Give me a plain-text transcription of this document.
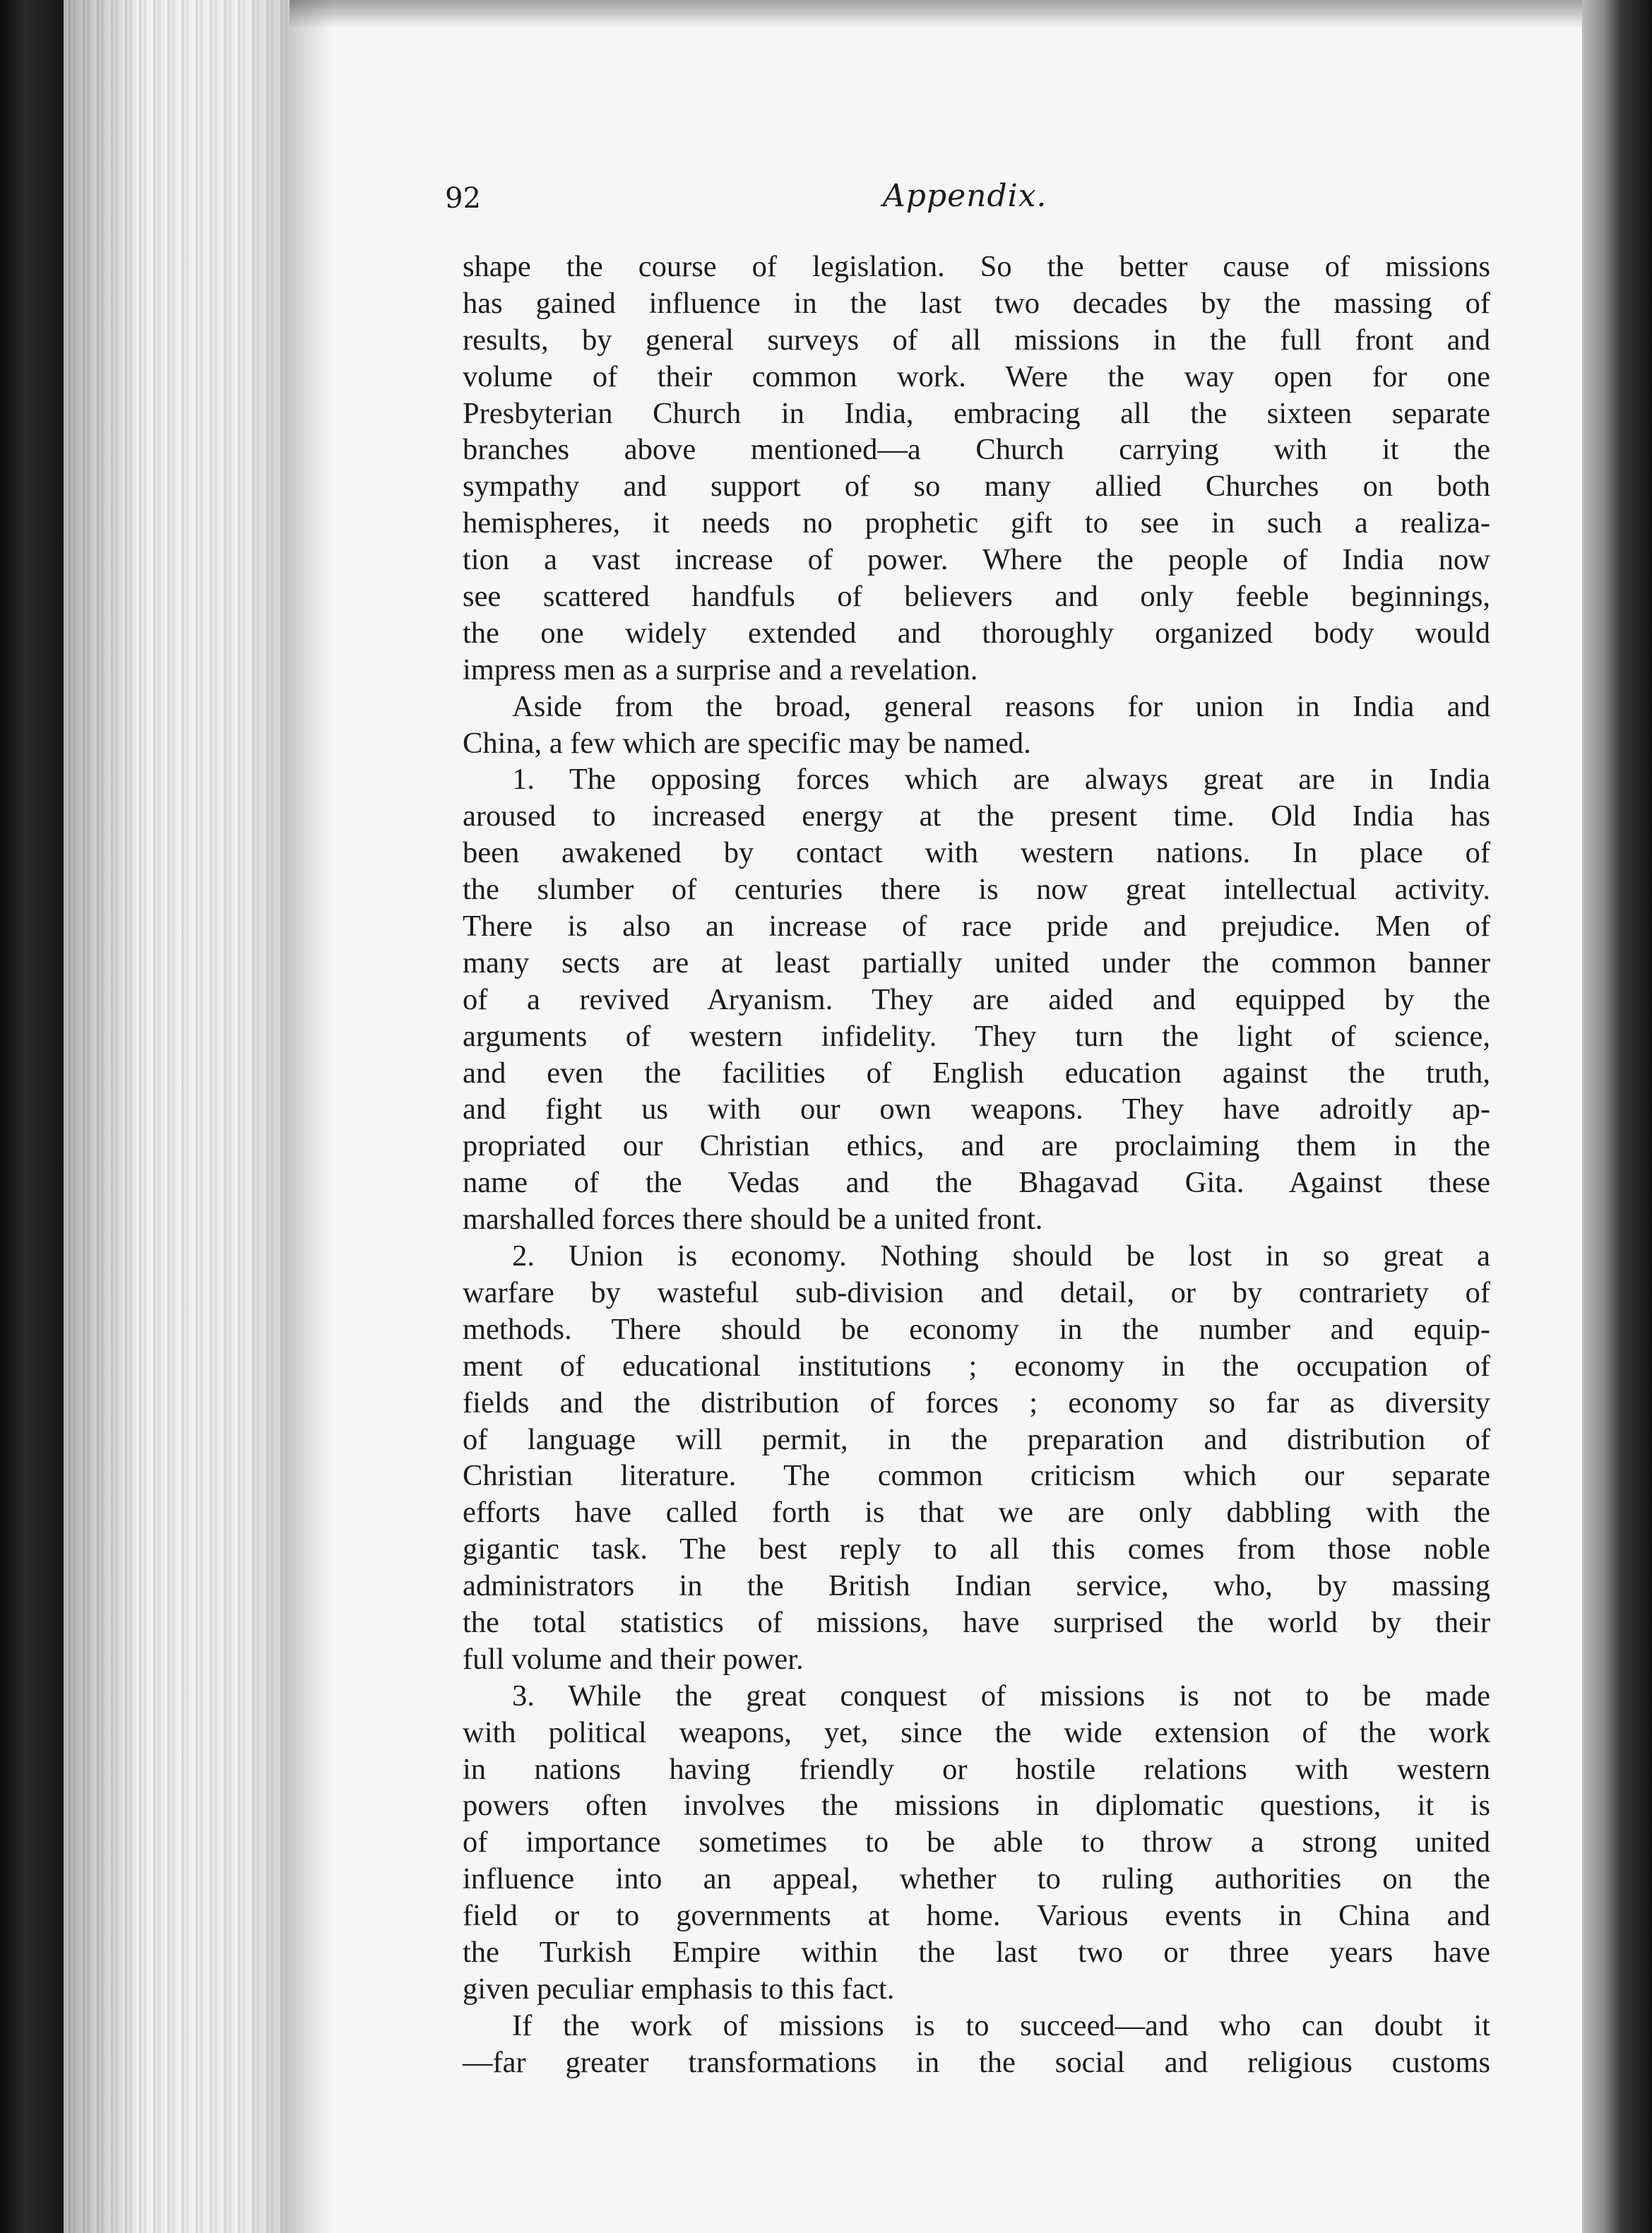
92	Appendix.
shape the course of legislation. So the better cause of missions
has gained influence in the last two decades by the massing of
results, by general surveys of all missions in the full front and
volume of their common work. Were the way open for one
Presbyterian Church in India, embracing all the sixteen separate
branches above mentioned—a Church carrying with it the
sympathy and support of so many allied Churches on both
hemispheres, it needs no prophetic gift to see in such a realiza-
tion a vast increase of power. Where the people of India now
see scattered handfuls of believers and only feeble beginnings,
the one widely extended and thoroughly organized body would
impress men as a surprise and a revelation.
Aside from the broad, general reasons for union in India and
China, a few which are specific may be named.
1. The opposing forces which are always great are in India
aroused to increased energy at the present time. Old India has
been awakened by contact with western nations. In place of
the slumber of centuries there is now great intellectual activity.
There is also an increase of race pride and prejudice. Men of
many sects are at least partially united under the common banner
of a revived Aryanism. They are aided and equipped by the
arguments of western infidelity. They turn the light of science,
and even the facilities of English education against the truth,
and fight us with our own weapons. They have adroitly ap-
propriated our Christian ethics, and are proclaiming them in the
name of the Vedas and the Bhagavad Gita. Against these
marshalled forces there should be a united front.
2. Union is economy. Nothing should be lost in so great a
warfare by wasteful sub-division and detail, or by contrariety of
methods. There should be economy in the number and equip-
ment of educational institutions ; economy in the occupation of
fields and the distribution of forces ; economy so far as diversity
of language will permit, in the preparation and distribution of
Christian literature. The common criticism which our separate
efforts have called forth is that we are only dabbling with the
gigantic task. The best reply to all this comes from those noble
administrators in the British Indian service, who, by massing
the total statistics of missions, have surprised the world by their
full volume and their power.
3. While the great conquest of missions is not to be made
with political weapons, yet, since the wide extension of the work
in nations having friendly or hostile relations with western
powers often involves the missions in diplomatic questions, it is
of importance sometimes to be able to throw a strong united
influence into an appeal, whether to ruling authorities on the
field or to governments at home. Various events in China and
the Turkish Empire within the last two or three years have
given peculiar emphasis to this fact.
If the work of missions is to succeed—and who can doubt it
—far greater transformations in the social and religious customs
